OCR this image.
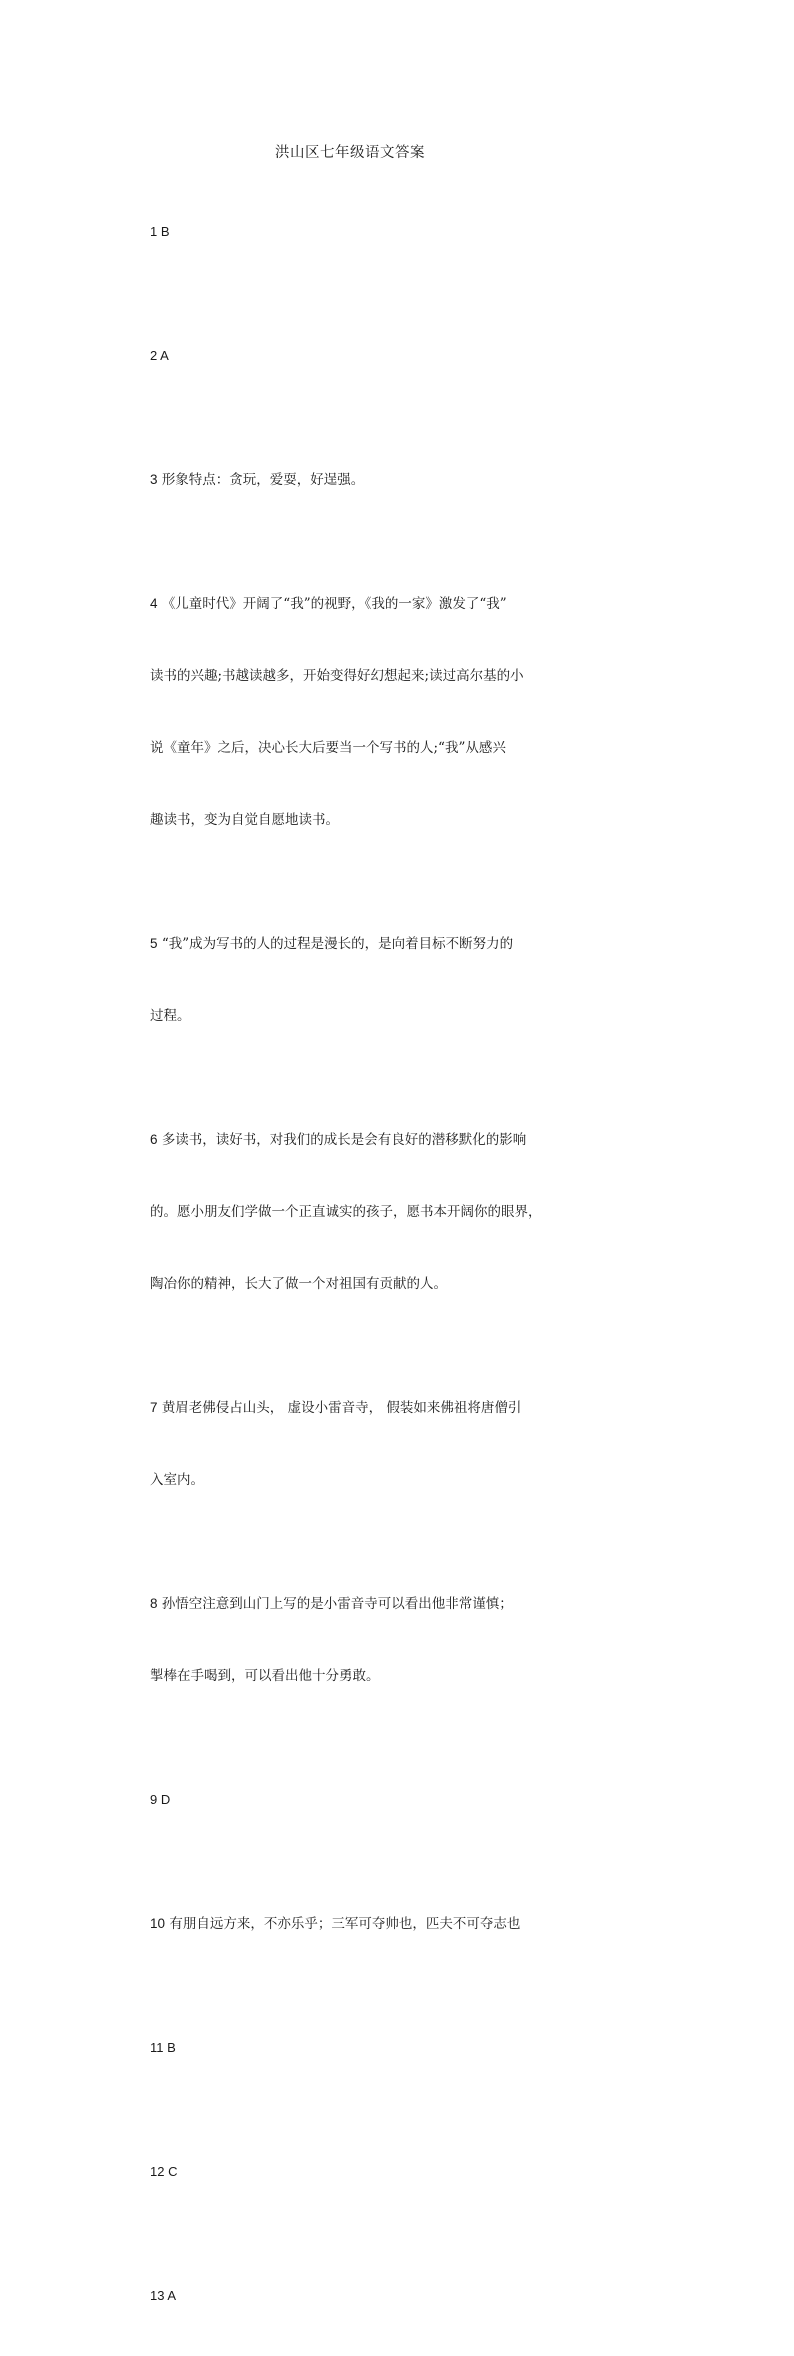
洪山区七年级语文答案

1 B

2 A

3 形象特点：贪玩，爱耍，好逞强。

4 《儿童时代》开阔了“我”的视野，《我的一家》激发了“我”

读书的兴趣;书越读越多，开始变得好幻想起来;读过高尔基的小

说《童年》之后，决心长大后要当一个写书的人;“我”从感兴

趣读书，变为自觉自愿地读书。

5 “我”成为写书的人的过程是漫长的，是向着目标不断努力的

过程。

6 多读书，读好书，对我们的成长是会有良好的潜移默化的影响

的。愿小朋友们学做一个正直诚实的孩子，愿书本开阔你的眼界，

陶冶你的精神，长大了做一个对祖国有贡献的人。

7 黄眉老佛侵占山头， 虚设小雷音寺， 假装如来佛祖将唐僧引

入室内。

8 孙悟空注意到山门上写的是小雷音寺可以看出他非常谨慎；

掣棒在手喝到，可以看出他十分勇敢。

9 D

10 有朋自远方来，不亦乐乎；三军可夺帅也，匹夫不可夺志也

11 B

12 C

13 A
